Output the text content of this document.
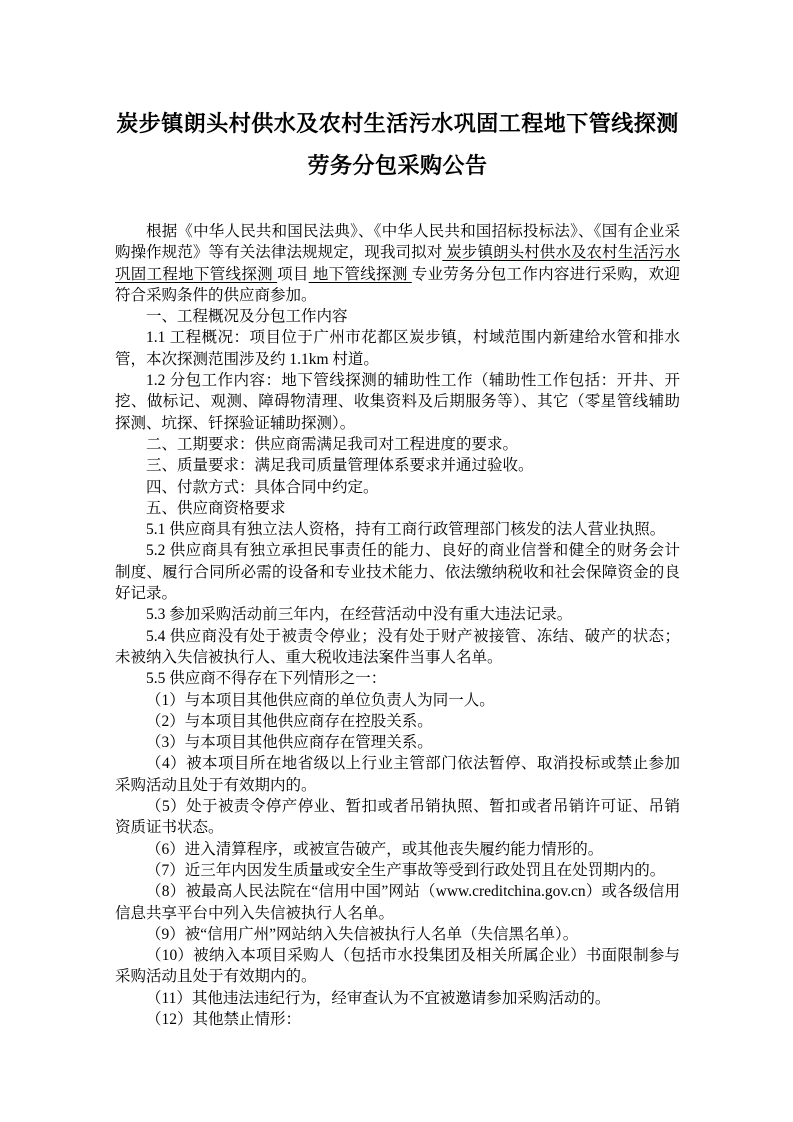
炭步镇朗头村供水及农村生活污水巩固工程地下管线探测
劳务分包采购公告

根据《中华人民共和国民法典》、《中华人民共和国招标投标法》、《国有企业采购操作规范》等有关法律法规规定，现我司拟对 炭步镇朗头村供水及农村生活污水巩固工程地下管线探测 项目 地下管线探测 专业劳务分包工作内容进行采购，欢迎符合采购条件的供应商参加。

一、工程概况及分包工作内容

1.1 工程概况：项目位于广州市花都区炭步镇，村域范围内新建给水管和排水管，本次探测范围涉及约 1.1km 村道。

1.2 分包工作内容：地下管线探测的辅助性工作（辅助性工作包括：开井、开挖、做标记、观测、障碍物清理、收集资料及后期服务等）、其它（零星管线辅助探测、坑探、钎探验证辅助探测）。

二、工期要求：供应商需满足我司对工程进度的要求。

三、质量要求：满足我司质量管理体系要求并通过验收。

四、付款方式：具体合同中约定。

五、供应商资格要求

5.1 供应商具有独立法人资格，持有工商行政管理部门核发的法人营业执照。

5.2 供应商具有独立承担民事责任的能力、良好的商业信誉和健全的财务会计制度、履行合同所必需的设备和专业技术能力、依法缴纳税收和社会保障资金的良好记录。

5.3 参加采购活动前三年内，在经营活动中没有重大违法记录。

5.4 供应商没有处于被责令停业；没有处于财产被接管、冻结、破产的状态；未被纳入失信被执行人、重大税收违法案件当事人名单。

5.5 供应商不得存在下列情形之一：

（1）与本项目其他供应商的单位负责人为同一人。

（2）与本项目其他供应商存在控股关系。

（3）与本项目其他供应商存在管理关系。

（4）被本项目所在地省级以上行业主管部门依法暂停、取消投标或禁止参加采购活动且处于有效期内的。

（5）处于被责令停产停业、暂扣或者吊销执照、暂扣或者吊销许可证、吊销资质证书状态。

（6）进入清算程序，或被宣告破产，或其他丧失履约能力情形的。

（7）近三年内因发生质量或安全生产事故等受到行政处罚且在处罚期内的。

（8）被最高人民法院在“信用中国”网站（www.creditchina.gov.cn）或各级信用信息共享平台中列入失信被执行人名单。

（9）被“信用广州”网站纳入失信被执行人名单（失信黑名单）。

（10）被纳入本项目采购人（包括市水投集团及相关所属企业）书面限制参与采购活动且处于有效期内的。

（11）其他违法违纪行为，经审查认为不宜被邀请参加采购活动的。

（12）其他禁止情形：
